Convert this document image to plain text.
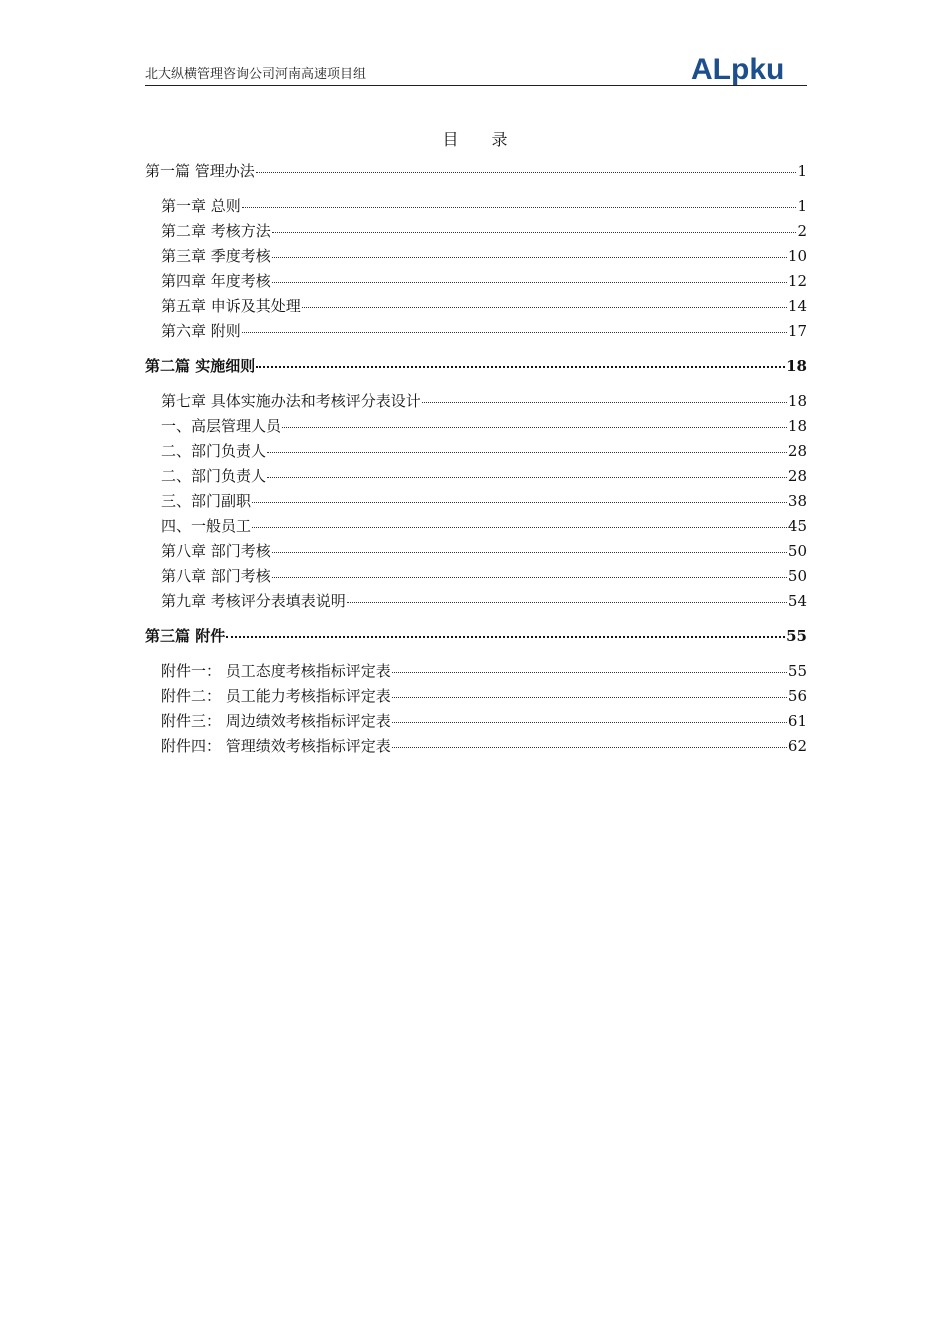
北大纵横管理咨询公司河南高速项目组	ALpku
目 录
第一篇 管理办法	1
第一章 总则	1
第二章 考核方法	2
第三章 季度考核	10
第四章 年度考核	12
第五章 申诉及其处理	14
第六章 附则	17
第二篇 实施细则	18
第七章 具体实施办法和考核评分表设计	18
一、高层管理人员	18
二、部门负责人	28
二、部门负责人	28
三、部门副职	38
四、一般员工	45
第八章 部门考核	50
第八章 部门考核	50
第九章 考核评分表填表说明	54
第三篇 附件	55
附件一： 员工态度考核指标评定表	55
附件二： 员工能力考核指标评定表	56
附件三： 周边绩效考核指标评定表	61
附件四： 管理绩效考核指标评定表	62
